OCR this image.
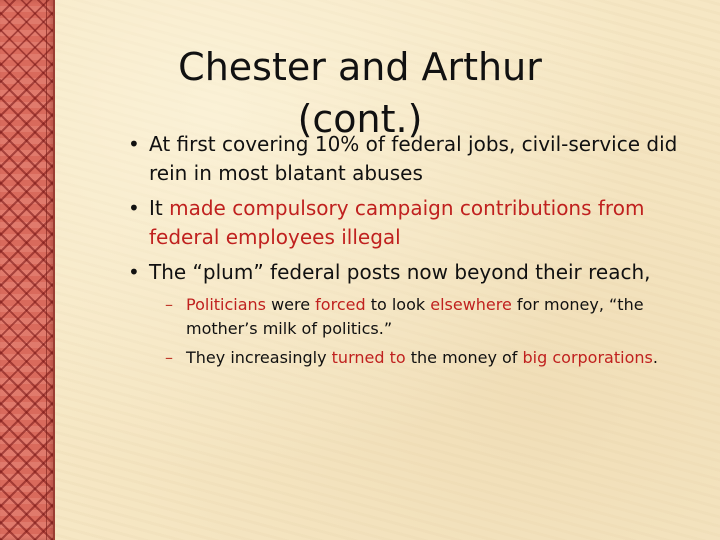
Chester and Arthur
(cont.)
• At first covering 10% of federal jobs, civil-service did rein in most blatant abuses
• It made compulsory campaign contributions from federal employees illegal
• The “plum” federal posts now beyond their reach,
– Politicians were forced to look elsewhere for money, “the mother’s milk of politics.”
– They increasingly turned to the money of big corporations.
